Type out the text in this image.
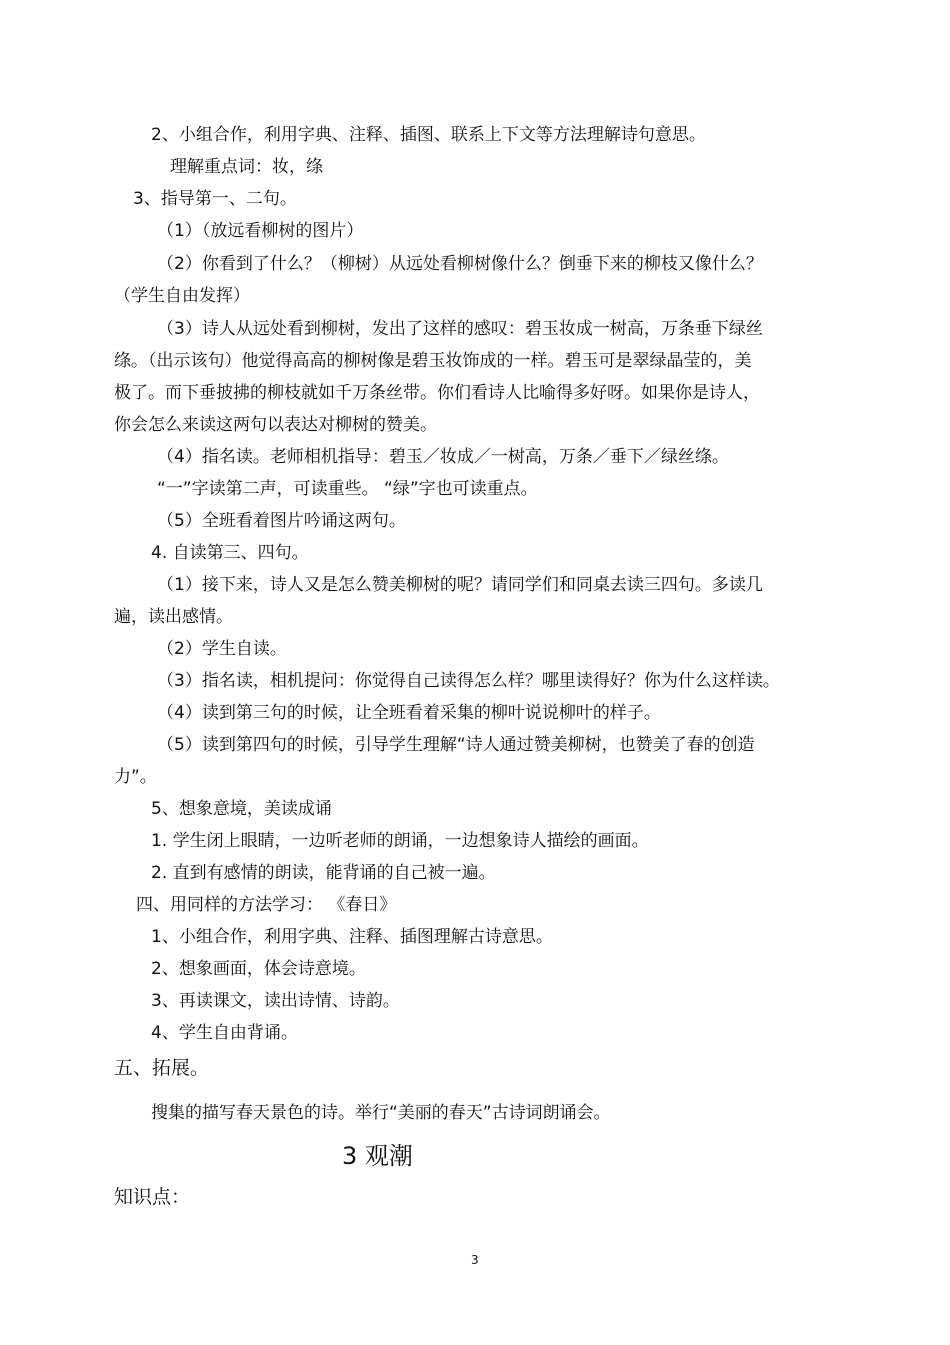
2、小组合作，利用字典、注释、插图、联系上下文等方法理解诗句意思。
理解重点词：妆，绦
3、指导第一、二句。
（1）（放远看柳树的图片）
（2）你看到了什么？（柳树）从远处看柳树像什么？倒垂下来的柳枝又像什么？
（学生自由发挥）
（3）诗人从远处看到柳树，发出了这样的感叹：碧玉妆成一树高，万条垂下绿丝
绦。（出示该句）他觉得高高的柳树像是碧玉妆饰成的一样。碧玉可是翠绿晶莹的，美
极了。而下垂披拂的柳枝就如千万条丝带。你们看诗人比喻得多好呀。如果你是诗人，
你会怎么来读这两句以表达对柳树的赞美。
（4）指名读。老师相机指导：碧玉／妆成／一树高，万条／垂下／绿丝绦。
“一”字读第二声，可读重些。 “绿”字也可读重点。
（5）全班看着图片吟诵这两句。
4. 自读第三、四句。
（1）接下来，诗人又是怎么赞美柳树的呢？请同学们和同桌去读三四句。多读几
遍，读出感情。
（2）学生自读。
（3）指名读，相机提问：你觉得自己读得怎么样？哪里读得好？你为什么这样读。
（4）读到第三句的时候，让全班看着采集的柳叶说说柳叶的样子。
（5）读到第四句的时候，引导学生理解“诗人通过赞美柳树，也赞美了春的创造
力”。
5、想象意境，美读成诵
1. 学生闭上眼睛，一边听老师的朗诵，一边想象诗人描绘的画面。
2. 直到有感情的朗读，能背诵的自己被一遍。
四、用同样的方法学习： 《春日》
1、小组合作，利用字典、注释、插图理解古诗意思。
2、想象画面，体会诗意境。
3、再读课文，读出诗情、诗韵。
4、学生自由背诵。
五、拓展。
搜集的描写春天景色的诗。举行“美丽的春天”古诗词朗诵会。
3 观潮
知识点：
3
